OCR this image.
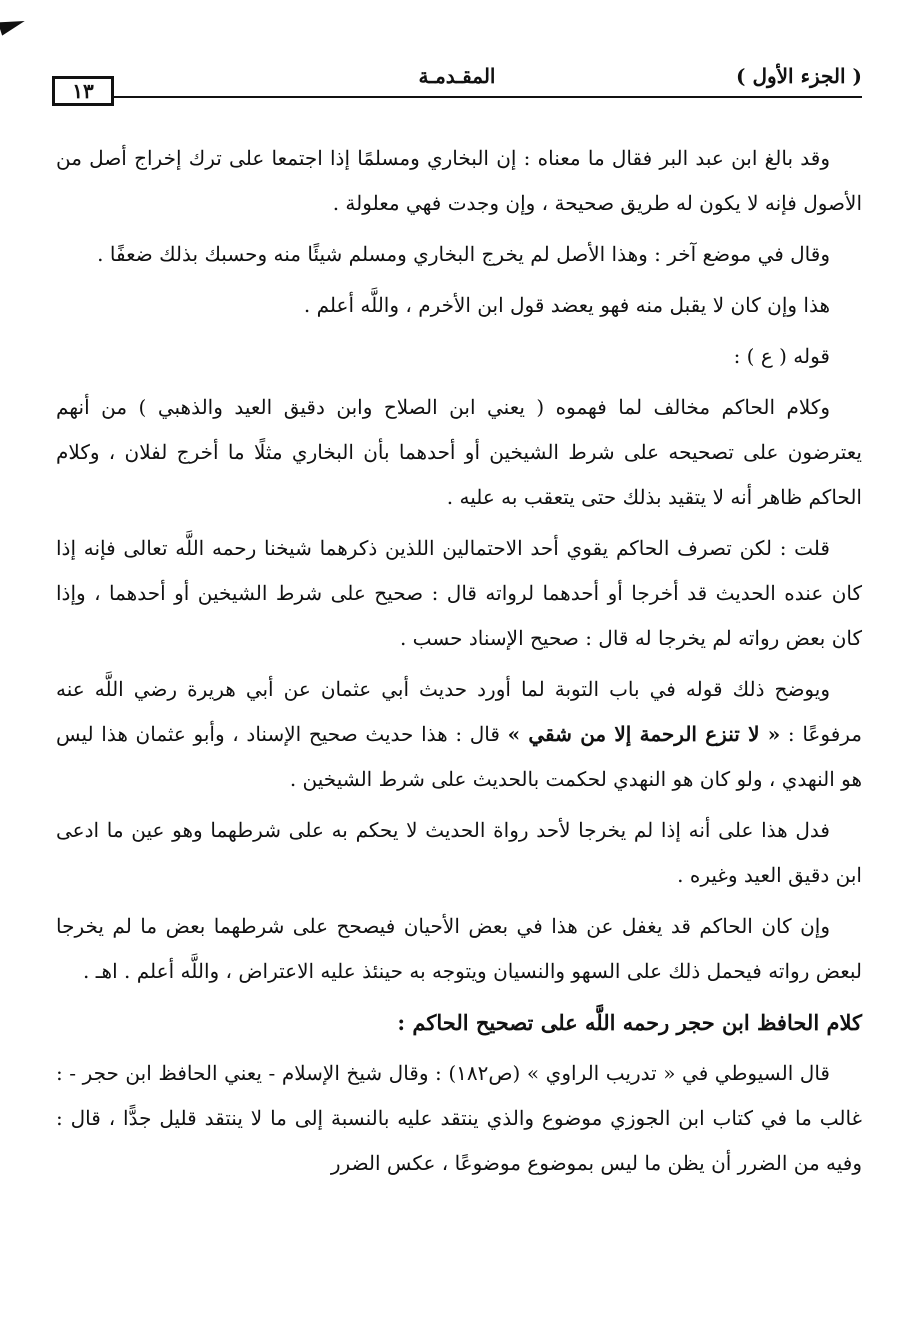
( الجزء الأول )
المقـدمـة
١٣

وقد بالغ ابن عبد البر فقال ما معناه : إن البخاري ومسلمًا إذا اجتمعا على ترك إخراج أصل من الأصول فإنه لا يكون له طريق صحيحة ، وإن وجدت فهي معلولة .

وقال في موضع آخر : وهذا الأصل لم يخرج البخاري ومسلم شيئًا منه وحسبك بذلك ضعفًا .

هذا وإن كان لا يقبل منه فهو يعضد قول ابن الأخرم ، واللَّه أعلم .

قوله ( ع ) :

وكلام الحاكم مخالف لما فهموه ( يعني ابن الصلاح وابن دقيق العيد والذهبي ) من أنهم يعترضون على تصحيحه على شرط الشيخين أو أحدهما بأن البخاري مثلًا ما أخرج لفلان ، وكلام الحاكم ظاهر أنه لا يتقيد بذلك حتى يتعقب به عليه .

قلت : لكن تصرف الحاكم يقوي أحد الاحتمالين اللذين ذكرهما شيخنا رحمه اللَّه تعالى فإنه إذا كان عنده الحديث قد أخرجا أو أحدهما لرواته قال : صحيح على شرط الشيخين أو أحدهما ، وإذا كان بعض رواته لم يخرجا له قال : صحيح الإسناد حسب .

ويوضح ذلك قوله في باب التوبة لما أورد حديث أبي عثمان عن أبي هريرة رضي اللَّه عنه مرفوعًا : « لا تنزع الرحمة إلا من شقي » قال : هذا حديث صحيح الإسناد ، وأبو عثمان هذا ليس هو النهدي ، ولو كان هو النهدي لحكمت بالحديث على شرط الشيخين .

فدل هذا على أنه إذا لم يخرجا لأحد رواة الحديث لا يحكم به على شرطهما وهو عين ما ادعى ابن دقيق العيد وغيره .

وإن كان الحاكم قد يغفل عن هذا في بعض الأحيان فيصحح على شرطهما بعض ما لم يخرجا لبعض رواته فيحمل ذلك على السهو والنسيان ويتوجه به حينئذ عليه الاعتراض ، واللَّه أعلم . اهـ .

كلام الحافظ ابن حجر رحمه اللَّه على تصحيح الحاكم :

قال السيوطي في « تدريب الراوي » (ص١٨٢) : وقال شيخ الإسلام - يعني الحافظ ابن حجر - : غالب ما في كتاب ابن الجوزي موضوع والذي ينتقد عليه بالنسبة إلى ما لا ينتقد قليل جدًّا ، قال : وفيه من الضرر أن يظن ما ليس بموضوع موضوعًا ، عكس الضرر
